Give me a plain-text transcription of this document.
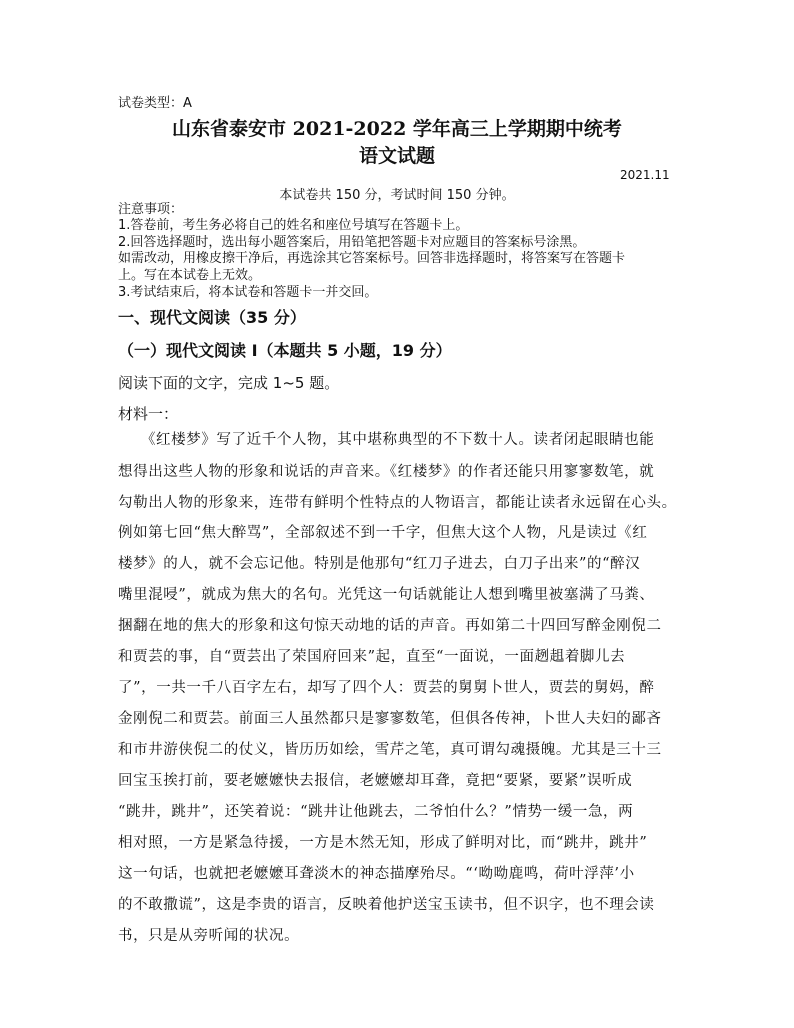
试卷类型：A
山东省泰安市 2021-2022 学年高三上学期期中统考
语文试题
2021.11
本试卷共 150 分，考试时间 150 分钟。
注意事项：
1.答卷前，考生务必将自己的姓名和座位号填写在答题卡上。
2.回答选择题时，选出每小题答案后，用铅笔把答题卡对应题目的答案标号涂黑。
如需改动，用橡皮擦干净后，再选涂其它答案标号。回答非选择题时，将答案写在答题卡
上。写在本试卷上无效。
3.考试结束后，将本试卷和答题卡一并交回。
一、现代文阅读（35 分）
（一）现代文阅读 I（本题共 5 小题，19 分）
阅读下面的文字，完成 1~5 题。
材料一：
　　《红楼梦》写了近千个人物，其中堪称典型的不下数十人。读者闭起眼睛也能
想得出这些人物的形象和说话的声音来。《红楼梦》的作者还能只用寥寥数笔，就
勾勒出人物的形象来，连带有鲜明个性特点的人物语言，都能让读者永远留在心头。
例如第七回“焦大醉骂”，全部叙述不到一千字，但焦大这个人物，凡是读过《红
楼梦》的人，就不会忘记他。特别是他那句“红刀子进去，白刀子出来”的“醉汉
嘴里混唚”，就成为焦大的名句。光凭这一句话就能让人想到嘴里被塞满了马粪、
捆翻在地的焦大的形象和这句惊天动地的话的声音。再如第二十四回写醉金刚倪二
和贾芸的事，自“贾芸出了荣国府回来”起，直至“一面说，一面趔趄着脚儿去
了”，一共一千八百字左右，却写了四个人：贾芸的舅舅卜世人，贾芸的舅妈，醉
金刚倪二和贾芸。前面三人虽然都只是寥寥数笔，但俱各传神，卜世人夫妇的鄙吝
和市井游侠倪二的仗义，皆历历如绘，雪芹之笔，真可谓勾魂摄魄。尤其是三十三
回宝玉挨打前，要老嬷嬷快去报信，老嬷嬷却耳聋，竟把“要紧，要紧”误听成
“跳井，跳井”，还笑着说：“跳井让他跳去，二爷怕什么？”情势一缓一急，两
相对照，一方是紧急待援，一方是木然无知，形成了鲜明对比，而“跳井，跳井”
这一句话，也就把老嬷嬷耳聋淡木的神态描摩殆尽。“‘呦呦鹿鸣，荷叶浮萍’小
的不敢撒谎”，这是李贵的语言，反映着他护送宝玉读书，但不识字，也不理会读
书，只是从旁听闻的状况。
